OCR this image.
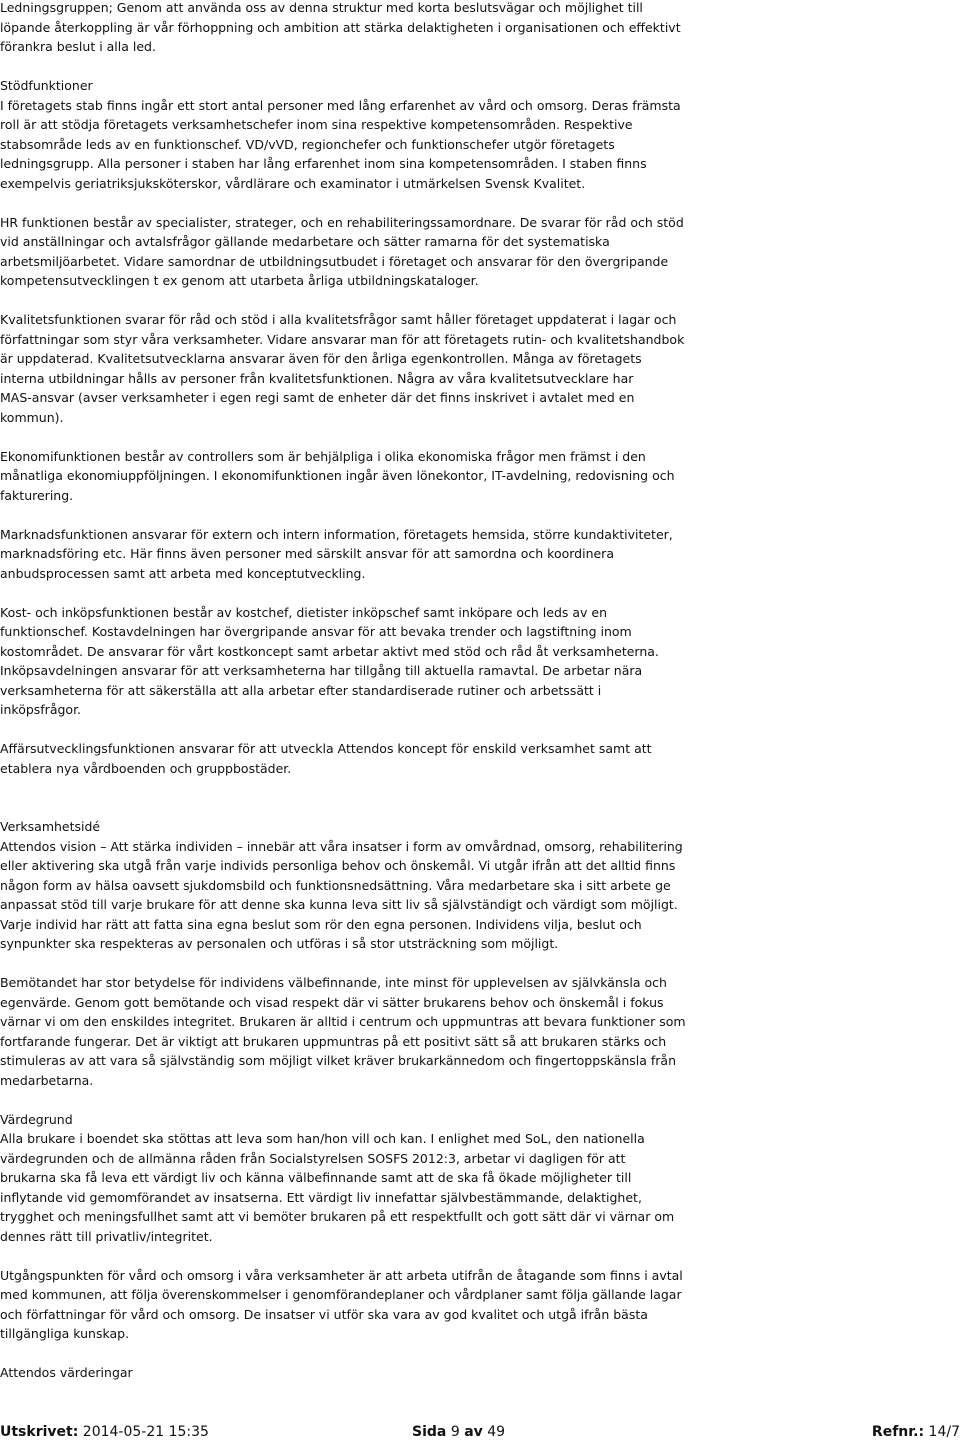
Ledningsgruppen; Genom att använda oss av denna struktur med korta beslutsvägar och möjlighet till
löpande återkoppling är vår förhoppning och ambition att stärka delaktigheten i organisationen och effektivt
förankra beslut i alla led.
Stödfunktioner
I företagets stab finns ingår ett stort antal personer med lång erfarenhet av vård och omsorg. Deras främsta
roll är att stödja företagets verksamhetschefer inom sina respektive kompetensområden. Respektive
stabsområde leds av en funktionschef. VD/vVD, regionchefer och funktionschefer utgör företagets
ledningsgrupp. Alla personer i staben har lång erfarenhet inom sina kompetensområden. I staben finns
exempelvis geriatriksjuksköterskor, vårdlärare och examinator i utmärkelsen Svensk Kvalitet.
HR funktionen består av specialister, strateger, och en rehabiliteringssamordnare. De svarar för råd och stöd
vid anställningar och avtalsfrågor gällande medarbetare och sätter ramarna för det systematiska
arbetsmiljöarbetet. Vidare samordnar de utbildningsutbudet i företaget och ansvarar för den övergripande
kompetensutvecklingen t ex genom att utarbeta årliga utbildningskataloger.
Kvalitetsfunktionen svarar för råd och stöd i alla kvalitetsfrågor samt håller företaget uppdaterat i lagar och
författningar som styr våra verksamheter. Vidare ansvarar man för att företagets rutin- och kvalitetshandbok
är uppdaterad. Kvalitetsutvecklarna ansvarar även för den årliga egenkontrollen. Många av företagets
interna utbildningar hålls av personer från kvalitetsfunktionen. Några av våra kvalitetsutvecklare har
MAS-ansvar (avser verksamheter i egen regi samt de enheter där det finns inskrivet i avtalet med en
kommun).
Ekonomifunktionen består av controllers som är behjälpliga i olika ekonomiska frågor men främst i den
månatliga ekonomiuppföljningen. I ekonomifunktionen ingår även lönekontor, IT-avdelning, redovisning och
fakturering.
Marknadsfunktionen ansvarar för extern och intern information, företagets hemsida, större kundaktiviteter,
marknadsföring etc. Här finns även personer med särskilt ansvar för att samordna och koordinera
anbudsprocessen samt att arbeta med konceptutveckling.
Kost- och inköpsfunktionen består av kostchef, dietister inköpschef samt inköpare och leds av en
funktionschef. Kostavdelningen har övergripande ansvar för att bevaka trender och lagstiftning inom
kostområdet. De ansvarar för vårt kostkoncept samt arbetar aktivt med stöd och råd åt verksamheterna.
Inköpsavdelningen ansvarar för att verksamheterna har tillgång till aktuella ramavtal. De arbetar nära
verksamheterna för att säkerställa att alla arbetar efter standardiserade rutiner och arbetssätt i
inköpsfrågor.
Affärsutvecklingsfunktionen ansvarar för att utveckla Attendos koncept för enskild verksamhet samt att
etablera nya vårdboenden och gruppbostäder.
Verksamhetsidé
Attendos vision – Att stärka individen – innebär att våra insatser i form av omvårdnad, omsorg, rehabilitering
eller aktivering ska utgå från varje individs personliga behov och önskemål. Vi utgår ifrån att det alltid finns
någon form av hälsa oavsett sjukdomsbild och funktionsnedsättning. Våra medarbetare ska i sitt arbete ge
anpassat stöd till varje brukare för att denne ska kunna leva sitt liv så självständigt och värdigt som möjligt.
Varje individ har rätt att fatta sina egna beslut som rör den egna personen. Individens vilja, beslut och
synpunkter ska respekteras av personalen och utföras i så stor utsträckning som möjligt.
Bemötandet har stor betydelse för individens välbefinnande, inte minst för upplevelsen av självkänsla och
egenvärde. Genom gott bemötande och visad respekt där vi sätter brukarens behov och önskemål i fokus
värnar vi om den enskildes integritet. Brukaren är alltid i centrum och uppmuntras att bevara funktioner som
fortfarande fungerar. Det är viktigt att brukaren uppmuntras på ett positivt sätt så att brukaren stärks och
stimuleras av att vara så självständig som möjligt vilket kräver brukarkännedom och fingertoppskänsla från
medarbetarna.
Värdegrund
Alla brukare i boendet ska stöttas att leva som han/hon vill och kan. I enlighet med SoL, den nationella
värdegrunden och de allmänna råden från Socialstyrelsen SOSFS 2012:3, arbetar vi dagligen för att
brukarna ska få leva ett värdigt liv och känna välbefinnande samt att de ska få ökade möjligheter till
inflytande vid gemomförandet av insatserna. Ett värdigt liv innefattar självbestämmande, delaktighet,
trygghet och meningsfullhet samt att vi bemöter brukaren på ett respektfullt och gott sätt där vi värnar om
dennes rätt till privatliv/integritet.
Utgångspunkten för vård och omsorg i våra verksamheter är att arbeta utifrån de åtagande som finns i avtal
med kommunen, att följa överenskommelser i genomförandeplaner och vårdplaner samt följa gällande lagar
och författningar för vård och omsorg. De insatser vi utför ska vara av god kvalitet och utgå ifrån bästa
tillgängliga kunskap.
Attendos värderingar
Utskrivet: 2014-05-21 15:35	Sida 9 av 49	Refnr.: 14/7
